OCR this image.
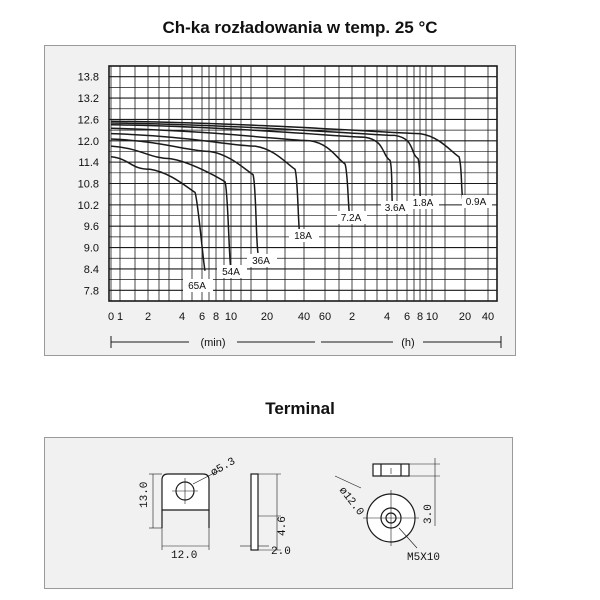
Ch-ka rozładowania w temp. 25 °C
13.8
13.2
12.6
12.0
11.4
10.8
10.2
9.6
9.0
8.4
7.8
0 1 2	4 6 8 10 20 40 60 2	4 6 8 10 20 40
(min)	(h)
65A
54A
36A
18A
7.2A
3.6A 1.8A	0.9A
Terminal
ø5.3
13.0
12.0
4.6
2.0
ø12.0	3.0
M5X10
